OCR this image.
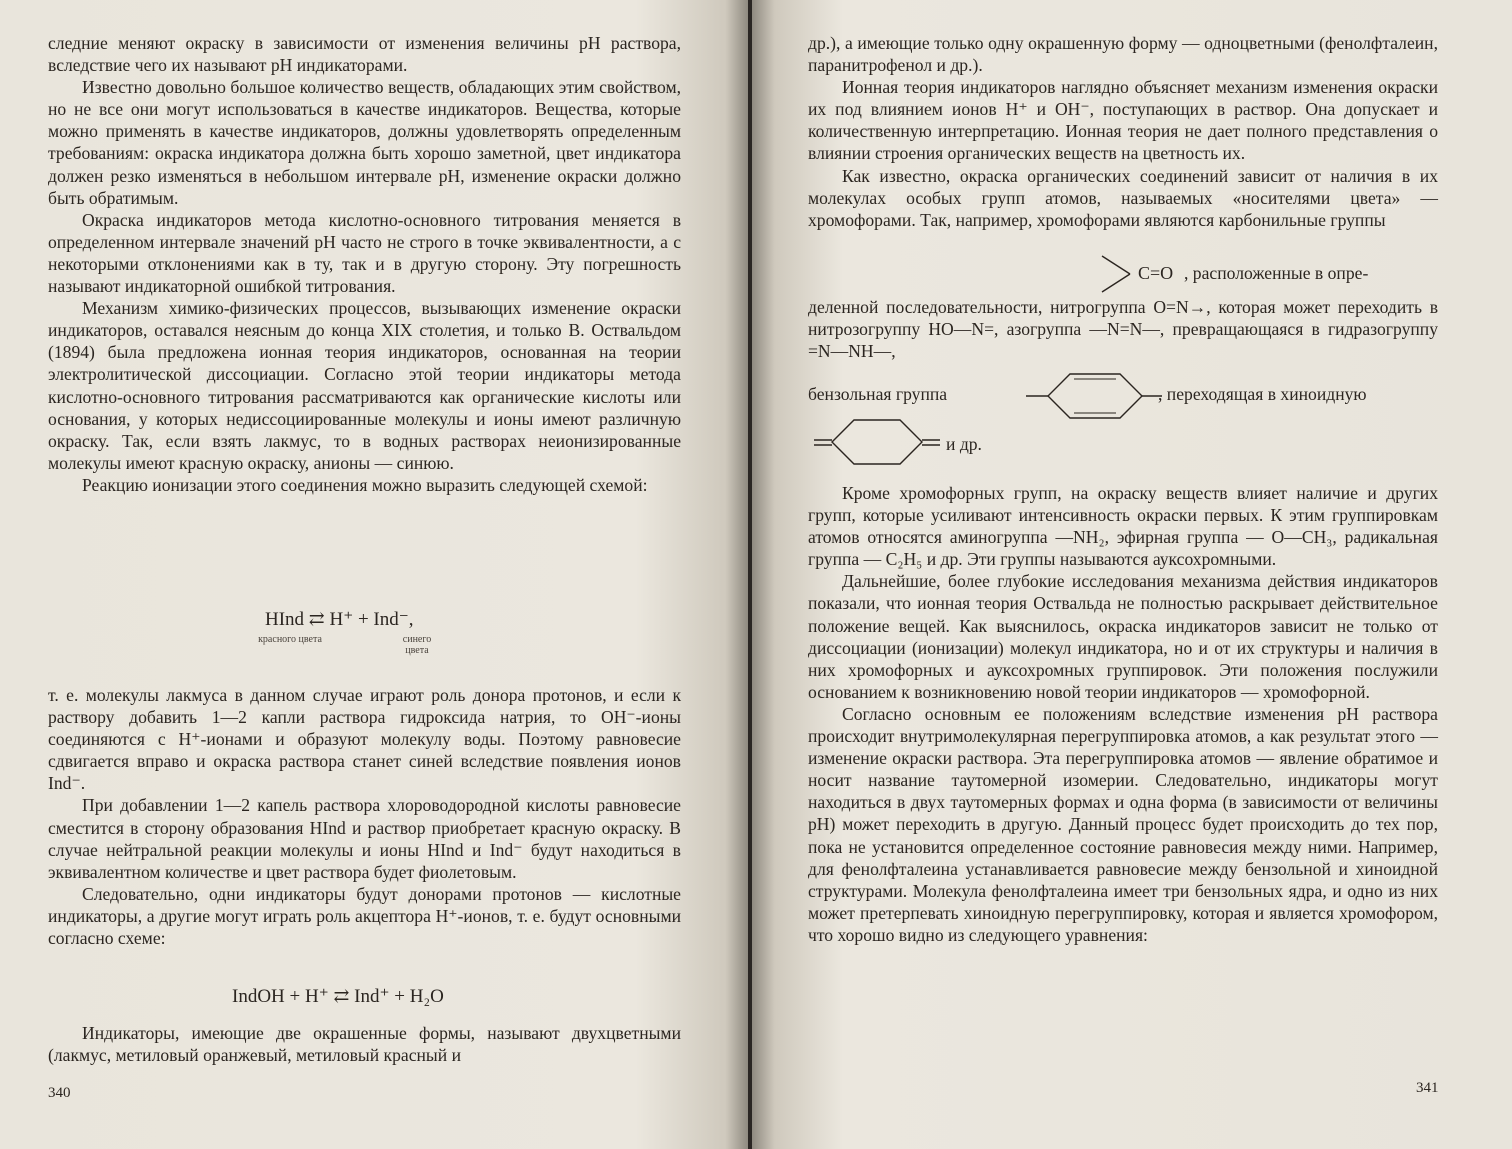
следние меняют окраску в зависимости от изменения величины pH раствора, вследствие чего их называют pH индикаторами.

Известно довольно большое количество веществ, обладающих этим свойством, но не все они могут использоваться в качестве индикаторов. Вещества, которые можно применять в качестве индикаторов, должны удовлетворять определенным требованиям: окраска индикатора должна быть хорошо заметной, цвет индикатора должен резко изменяться в небольшом интервале pH, изменение окраски должно быть обратимым.

Окраска индикаторов метода кислотно-основного титрования меняется в определенном интервале значений pH часто не строго в точке эквивалентности, а с некоторыми отклонениями как в ту, так и в другую сторону. Эту погрешность называют индикаторной ошибкой титрования.

Механизм химико-физических процессов, вызывающих изменение окраски индикаторов, оставался неясным до конца XIX столетия, и только В. Оствальдом (1894) была предложена ионная теория индикаторов, основанная на теории электролитической диссоциации. Согласно этой теории индикаторы метода кислотно-основного титрования рассматриваются как органические кислоты или основания, у которых недиссоциированные молекулы и ионы имеют различную окраску. Так, если взять лакмус, то в водных растворах неионизированные молекулы имеют красную окраску, анионы — синюю.

Реакцию ионизации этого соединения можно выразить следующей схемой:

HInd ⇄ H⁺ + Ind⁻,
красного цвета	синего цвета

т. е. молекулы лакмуса в данном случае играют роль донора протонов, и если к раствору добавить 1—2 капли раствора гидроксида натрия, то OH⁻-ионы соединяются с H⁺-ионами и образуют молекулу воды. Поэтому равновесие сдвигается вправо и окраска раствора станет синей вследствие появления ионов Ind⁻.

При добавлении 1—2 капель раствора хлороводородной кислоты равновесие сместится в сторону образования HInd и раствор приобретает красную окраску. В случае нейтральной реакции молекулы и ионы HInd и Ind⁻ будут находиться в эквивалентном количестве и цвет раствора будет фиолетовым.

Следовательно, одни индикаторы будут донорами протонов — кислотные индикаторы, а другие могут играть роль акцептора H⁺-ионов, т. е. будут основными согласно схеме:

IndOH + H⁺ ⇄ Ind⁺ + H₂O

Индикаторы, имеющие две окрашенные формы, называют двухцветными (лакмус, метиловый оранжевый, метиловый красный и

340

др.), а имеющие только одну окрашенную форму — одноцветными (фенолфталеин, паранитрофенол и др.).

Ионная теория индикаторов наглядно объясняет механизм изменения окраски их под влиянием ионов H⁺ и OH⁻, поступающих в раствор. Она допускает и количественную интерпретацию. Ионная теория не дает полного представления о влиянии строения органических веществ на цветность их.

Как известно, окраска органических соединений зависит от наличия в их молекулах особых групп атомов, называемых «носителями цвета» — хромофорами. Так, например, хромофорами являются карбонильные группы

C=O , расположенные в опре-

деленной последовательности, нитрогруппа O=N→, которая может переходить в нитрозогруппу HO—N=, азогруппа —N=N—, превращающаяся в гидразогруппу =N—NH—,

бензольная группа	, переходящая в хиноидную
и др.

Кроме хромофорных групп, на окраску веществ влияет наличие и других групп, которые усиливают интенсивность окраски первых. К этим группировкам атомов относятся аминогруппа —NH₂, эфирная группа — O—CH₃, радикальная группа — C₂H₅ и др. Эти группы называются ауксохромными.

Дальнейшие, более глубокие исследования механизма действия индикаторов показали, что ионная теория Оствальда не полностью раскрывает действительное положение вещей. Как выяснилось, окраска индикаторов зависит не только от диссоциации (ионизации) молекул индикатора, но и от их структуры и наличия в них хромофорных и ауксохромных группировок. Эти положения послужили основанием к возникновению новой теории индикаторов — хромофорной.

Согласно основным ее положениям вследствие изменения pH раствора происходит внутримолекулярная перегруппировка атомов, а как результат этого — изменение окраски раствора. Эта перегруппировка атомов — явление обратимое и носит название таутомерной изомерии. Следовательно, индикаторы могут находиться в двух таутомерных формах и одна форма (в зависимости от величины pH) может переходить в другую. Данный процесс будет происходить до тех пор, пока не установится определенное состояние равновесия между ними. Например, для фенолфталеина устанавливается равновесие между бензольной и хиноидной структурами. Молекула фенолфталеина имеет три бензольных ядра, и одно из них может претерпевать хиноидную перегруппировку, которая и является хромофором, что хорошо видно из следующего уравнения:

341
